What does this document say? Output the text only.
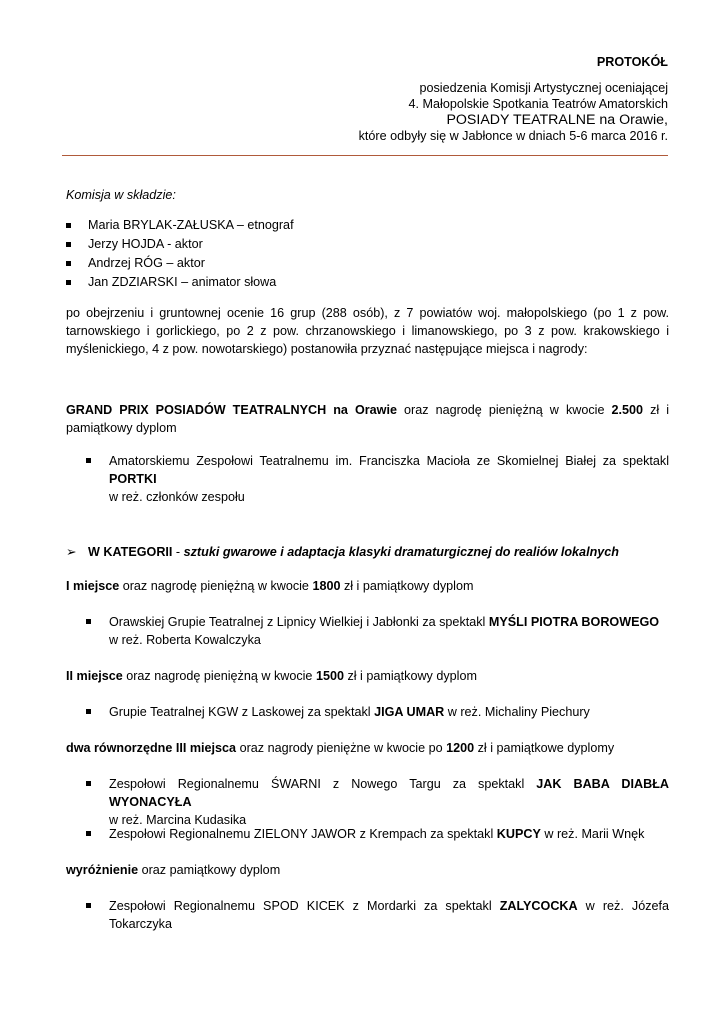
PROTOKÓŁ
posiedzenia Komisji Artystycznej oceniającej
4. Małopolskie Spotkania Teatrów Amatorskich
POSIADY TEATRALNE na Orawie,
które odbyły się w Jabłonce w dniach 5-6 marca 2016 r.
Komisja w składzie:
Maria BRYLAK-ZAŁUSKA – etnograf
Jerzy HOJDA - aktor
Andrzej RÓG – aktor
Jan ZDZIARSKI – animator słowa
po obejrzeniu i gruntownej ocenie 16 grup (288 osób), z 7 powiatów woj. małopolskiego (po 1 z pow. tarnowskiego i gorlickiego, po 2 z pow. chrzanowskiego i limanowskiego, po 3 z pow. krakowskiego i myślenickiego, 4 z pow. nowotarskiego) postanowiła przyznać następujące miejsca i nagrody:
GRAND PRIX POSIADÓW TEATRALNYCH na Orawie oraz nagrodę pieniężną w kwocie 2.500 zł i pamiątkowy dyplom
Amatorskiemu Zespołowi Teatralnemu im. Franciszka Macioła ze Skomielnej Białej za spektakl PORTKI
w reż. członków zespołu
➢ W KATEGORII - sztuki gwarowe i adaptacja klasyki dramaturgicznej do realiów lokalnych
I miejsce oraz nagrodę pieniężną w kwocie 1800 zł i pamiątkowy dyplom
Orawskiej Grupie Teatralnej z Lipnicy Wielkiej i Jabłonki za spektakl MYŚLI PIOTRA BOROWEGO
w reż. Roberta Kowalczyka
II miejsce oraz nagrodę pieniężną w kwocie 1500 zł i pamiątkowy dyplom
Grupie Teatralnej KGW z Laskowej za spektakl JIGA UMAR w reż. Michaliny Piechury
dwa równorzędne III miejsca oraz nagrody pieniężne w kwocie po 1200 zł i pamiątkowe dyplomy
Zespołowi Regionalnemu ŚWARNI z Nowego Targu za spektakl JAK BABA DIABŁA WYONACYŁA
w reż. Marcina Kudasika
Zespołowi Regionalnemu ZIELONY JAWOR z Krempach za spektakl KUPCY w reż. Marii Wnęk
wyróżnienie oraz pamiątkowy dyplom
Zespołowi Regionalnemu SPOD KICEK z Mordarki za spektakl ZALYCOCKA w reż. Józefa Tokarczyka
